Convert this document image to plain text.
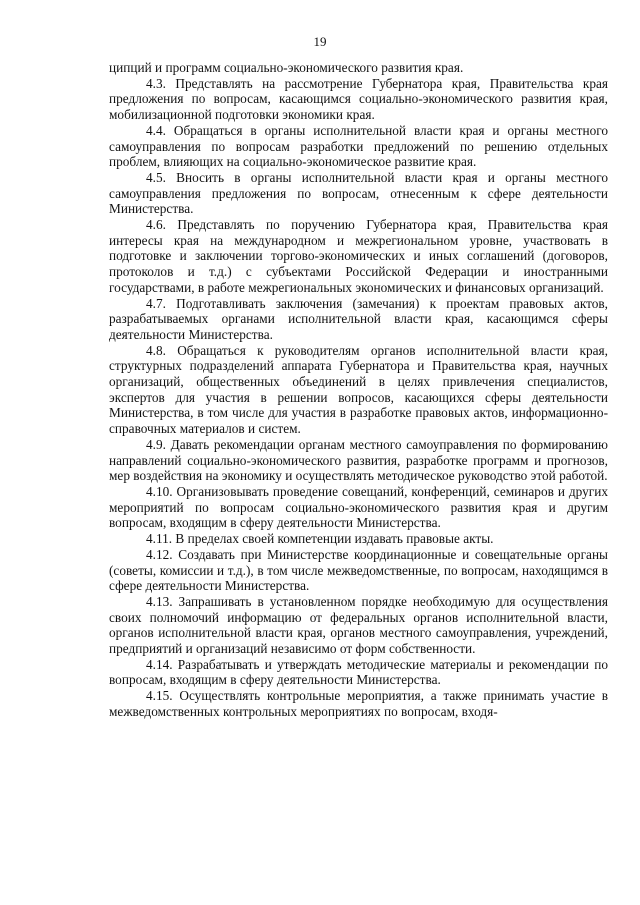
19

ципций и программ социально-экономического развития края.

4.3. Представлять на рассмотрение Губернатора края, Правительства края предложения по вопросам, касающимся социально-экономического развития края, мобилизационной подготовки экономики края.

4.4. Обращаться в органы исполнительной власти края и органы местного самоуправления по вопросам разработки предложений по решению отдельных проблем, влияющих на социально-экономическое развитие края.

4.5. Вносить в органы исполнительной власти края и органы местного самоуправления предложения по вопросам, отнесенным к сфере деятельности Министерства.

4.6. Представлять по поручению Губернатора края, Правительства края интересы края на международном и межрегиональном уровне, участвовать в подготовке и заключении торгово-экономических и иных соглашений (договоров, протоколов и т.д.) с субъектами Российской Федерации и иностранными государствами, в работе межрегиональных экономических и финансовых организаций.

4.7. Подготавливать заключения (замечания) к проектам правовых актов, разрабатываемых органами исполнительной власти края, касающимся сферы деятельности Министерства.

4.8. Обращаться к руководителям органов исполнительной власти края, структурных подразделений аппарата Губернатора и Правительства края, научных организаций, общественных объединений в целях привлечения специалистов, экспертов для участия в решении вопросов, касающихся сферы деятельности Министерства, в том числе для участия в разработке правовых актов, информационно-справочных материалов и систем.

4.9. Давать рекомендации органам местного самоуправления по формированию направлений социально-экономического развития, разработке программ и прогнозов, мер воздействия на экономику и осуществлять методическое руководство этой работой.

4.10. Организовывать проведение совещаний, конференций, семинаров и других мероприятий по вопросам социально-экономического развития края и другим вопросам, входящим в сферу деятельности Министерства.

4.11. В пределах своей компетенции издавать правовые акты.

4.12. Создавать при Министерстве координационные и совещательные органы (советы, комиссии и т.д.), в том числе межведомственные, по вопросам, находящимся в сфере деятельности Министерства.

4.13. Запрашивать в установленном порядке необходимую для осуществления своих полномочий информацию от федеральных органов исполнительной власти, органов исполнительной власти края, органов местного самоуправления, учреждений, предприятий и организаций независимо от форм собственности.

4.14. Разрабатывать и утверждать методические материалы и рекомендации по вопросам, входящим в сферу деятельности Министерства.

4.15. Осуществлять контрольные мероприятия, а также принимать участие в межведомственных контрольных мероприятиях по вопросам, входя-
